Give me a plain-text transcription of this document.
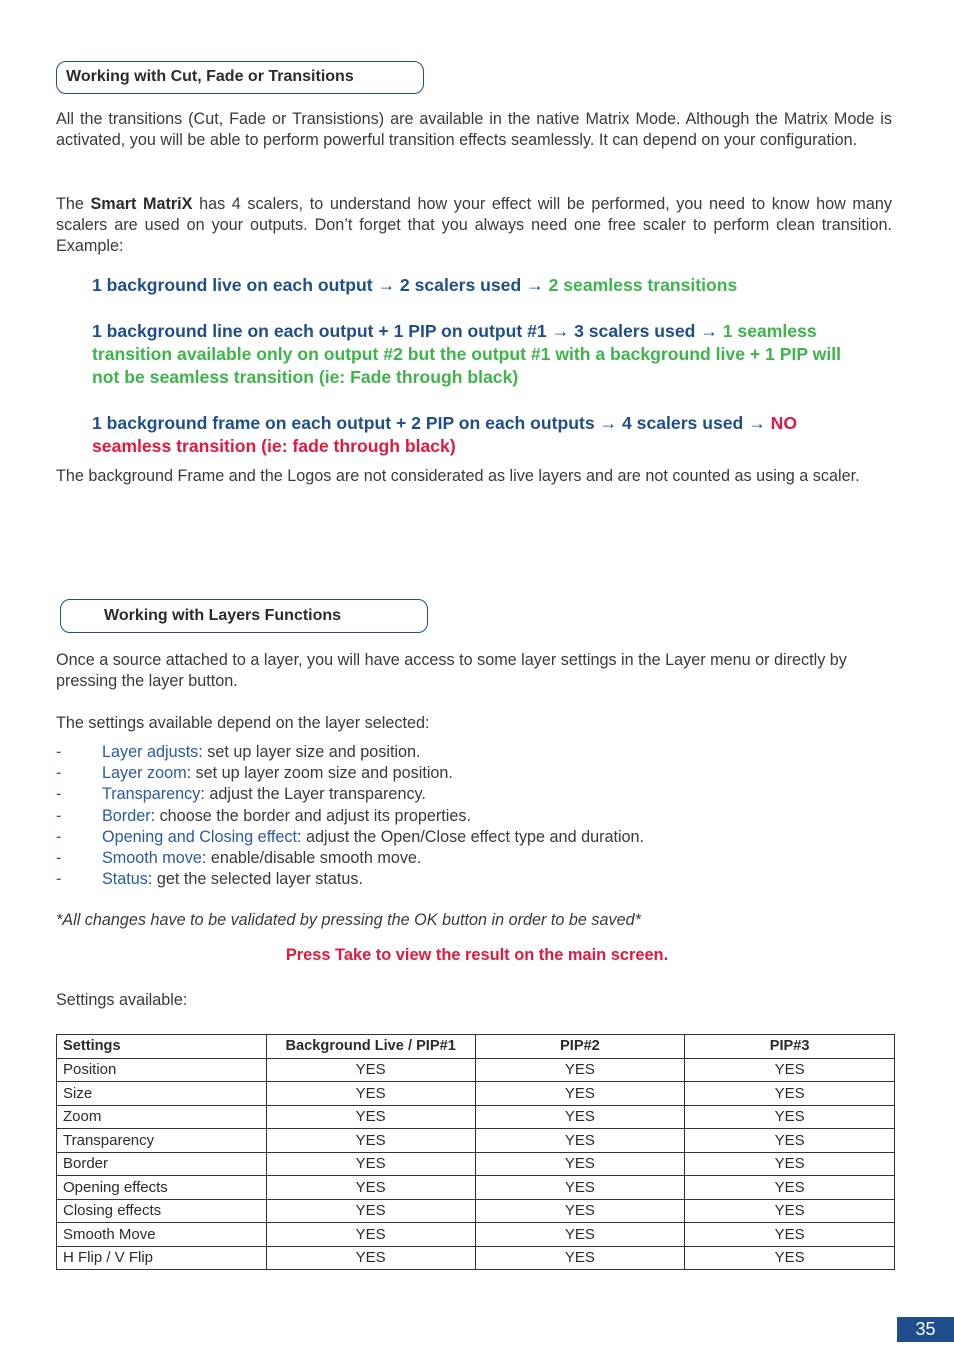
Working with Cut, Fade or Transitions
All the transitions (Cut, Fade or Transistions) are available in the native Matrix Mode. Although the Matrix Mode is activated, you will be able to perform powerful transition effects seamlessly. It can depend on your configuration.
The Smart MatriX has 4 scalers, to understand how your effect will be performed, you need to know how many scalers are used on your outputs. Don’t forget that you always need one free scaler to perform clean transition. Example:
1 background live on each output → 2 scalers used → 2 seamless transitions
1 background line on each output + 1 PIP on output #1 → 3 scalers used → 1 seamless transition available only on output #2 but the output #1 with a background live + 1 PIP will not be seamless transition (ie: Fade through black)
1 background frame on each output + 2 PIP on each outputs → 4 scalers used → NO seamless transition (ie: fade through black)
The background Frame and the Logos are not considerated as live layers and are not counted as using a scaler.
Working with Layers Functions
Once a source attached to a layer, you will have access to some layer settings in the Layer menu or directly by pressing the layer button.
The settings available depend on the layer selected:
-	Layer adjusts: set up layer size and position.
-	Layer zoom: set up layer zoom size and position.
-	Transparency: adjust the Layer transparency.
-	Border: choose the border and adjust its properties.
-	Opening and Closing effect: adjust the Open/Close effect type and duration.
-	Smooth move: enable/disable smooth move.
-	Status: get the selected layer status.
*All changes have to be validated by pressing the OK button in order to be saved*
Press Take to view the result on the main screen.
Settings available:
Settings	Background Live / PIP#1	PIP#2	PIP#3
Position	YES	YES	YES
Size	YES	YES	YES
Zoom	YES	YES	YES
Transparency	YES	YES	YES
Border	YES	YES	YES
Opening effects	YES	YES	YES
Closing effects	YES	YES	YES
Smooth Move	YES	YES	YES
H Flip / V Flip	YES	YES	YES
35
